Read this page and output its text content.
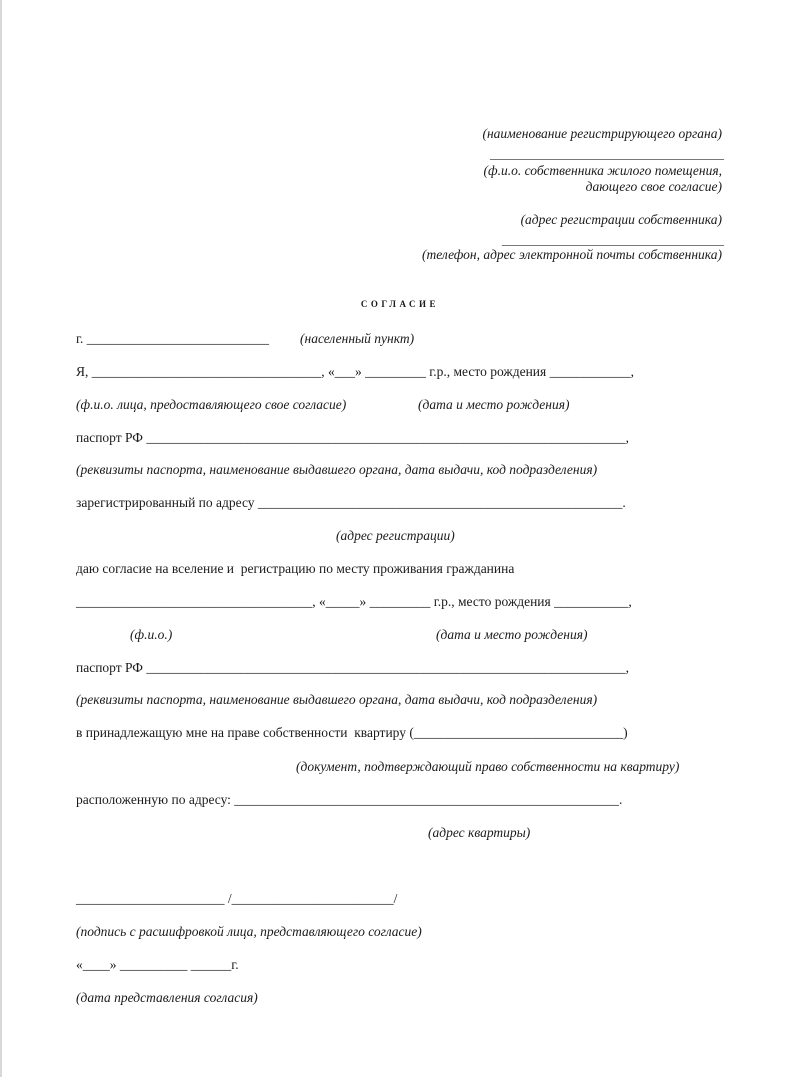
(наименование регистрирующего органа)
_______________________________________
(ф.и.о. собственника жилого помещения,
дающего свое согласие)
(адрес регистрации собственника)
_____________________________________
(телефон, адрес электронной почты собственника)
СОГЛАСИЕ
г. ___________________________ (населенный пункт)
Я, __________________________________, «___» _________ г.р., место рождения ____________,
(ф.и.о. лица, предоставляющего свое согласие)	(дата и место рождения)
паспорт РФ _______________________________________________________________________,
(реквизиты паспорта, наименование выдавшего органа, дата выдачи, код подразделения)
зарегистрированный по адресу ______________________________________________________.
(адрес регистрации)
даю согласие на вселение и  регистрацию по месту проживания гражданина
___________________________________, «_____» _________ г.р., место рождения ___________,
(ф.и.о.)	(дата и место рождения)
паспорт РФ _______________________________________________________________________,
(реквизиты паспорта, наименование выдавшего органа, дата выдачи, код подразделения)
в принадлежащую мне на праве собственности  квартиру (_______________________________)
(документ, подтверждающий право собственности на квартиру)
расположенную по адресу: _________________________________________________________.
(адрес квартиры)
______________________ /________________________/
(подпись с расшифровкой лица, представляющего согласие)
«____» __________ ______г.
(дата представления согласия)
